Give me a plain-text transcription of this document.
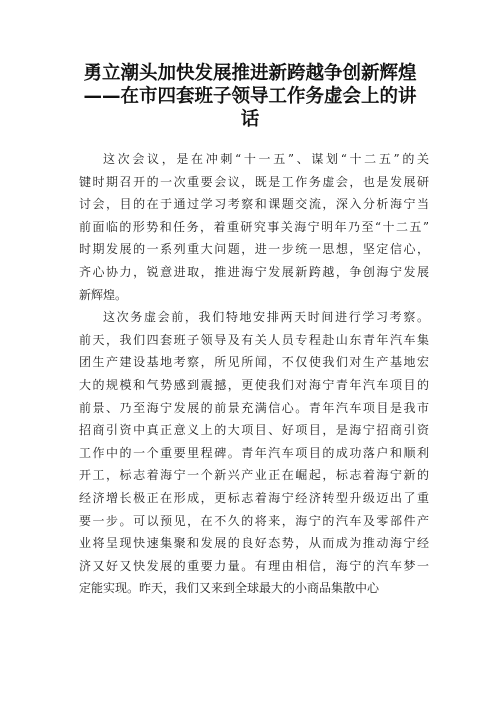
勇立潮头加快发展推进新跨越争创新辉煌
——在市四套班子领导工作务虚会上的讲
话
这次会议，是在冲刺“十一五”、谋划“十二五”的关
键时期召开的一次重要会议，既是工作务虚会，也是发展研
讨会，目的在于通过学习考察和课题交流，深入分析海宁当
前面临的形势和任务，着重研究事关海宁明年乃至“十二五”
时期发展的一系列重大问题，进一步统一思想，坚定信心，
齐心协力，锐意进取，推进海宁发展新跨越，争创海宁发展
新辉煌。
这次务虚会前，我们特地安排两天时间进行学习考察。
前天，我们四套班子领导及有关人员专程赴山东青年汽车集
团生产建设基地考察，所见所闻，不仅使我们对生产基地宏
大的规模和气势感到震撼，更使我们对海宁青年汽车项目的
前景、乃至海宁发展的前景充满信心。青年汽车项目是我市
招商引资中真正意义上的大项目、好项目，是海宁招商引资
工作中的一个重要里程碑。青年汽车项目的成功落户和顺利
开工，标志着海宁一个新兴产业正在崛起，标志着海宁新的
经济增长极正在形成，更标志着海宁经济转型升级迈出了重
要一步。可以预见，在不久的将来，海宁的汽车及零部件产
业将呈现快速集聚和发展的良好态势，从而成为推动海宁经
济又好又快发展的重要力量。有理由相信，海宁的汽车梦一
定能实现。昨天，我们又来到全球最大的小商品集散中心
